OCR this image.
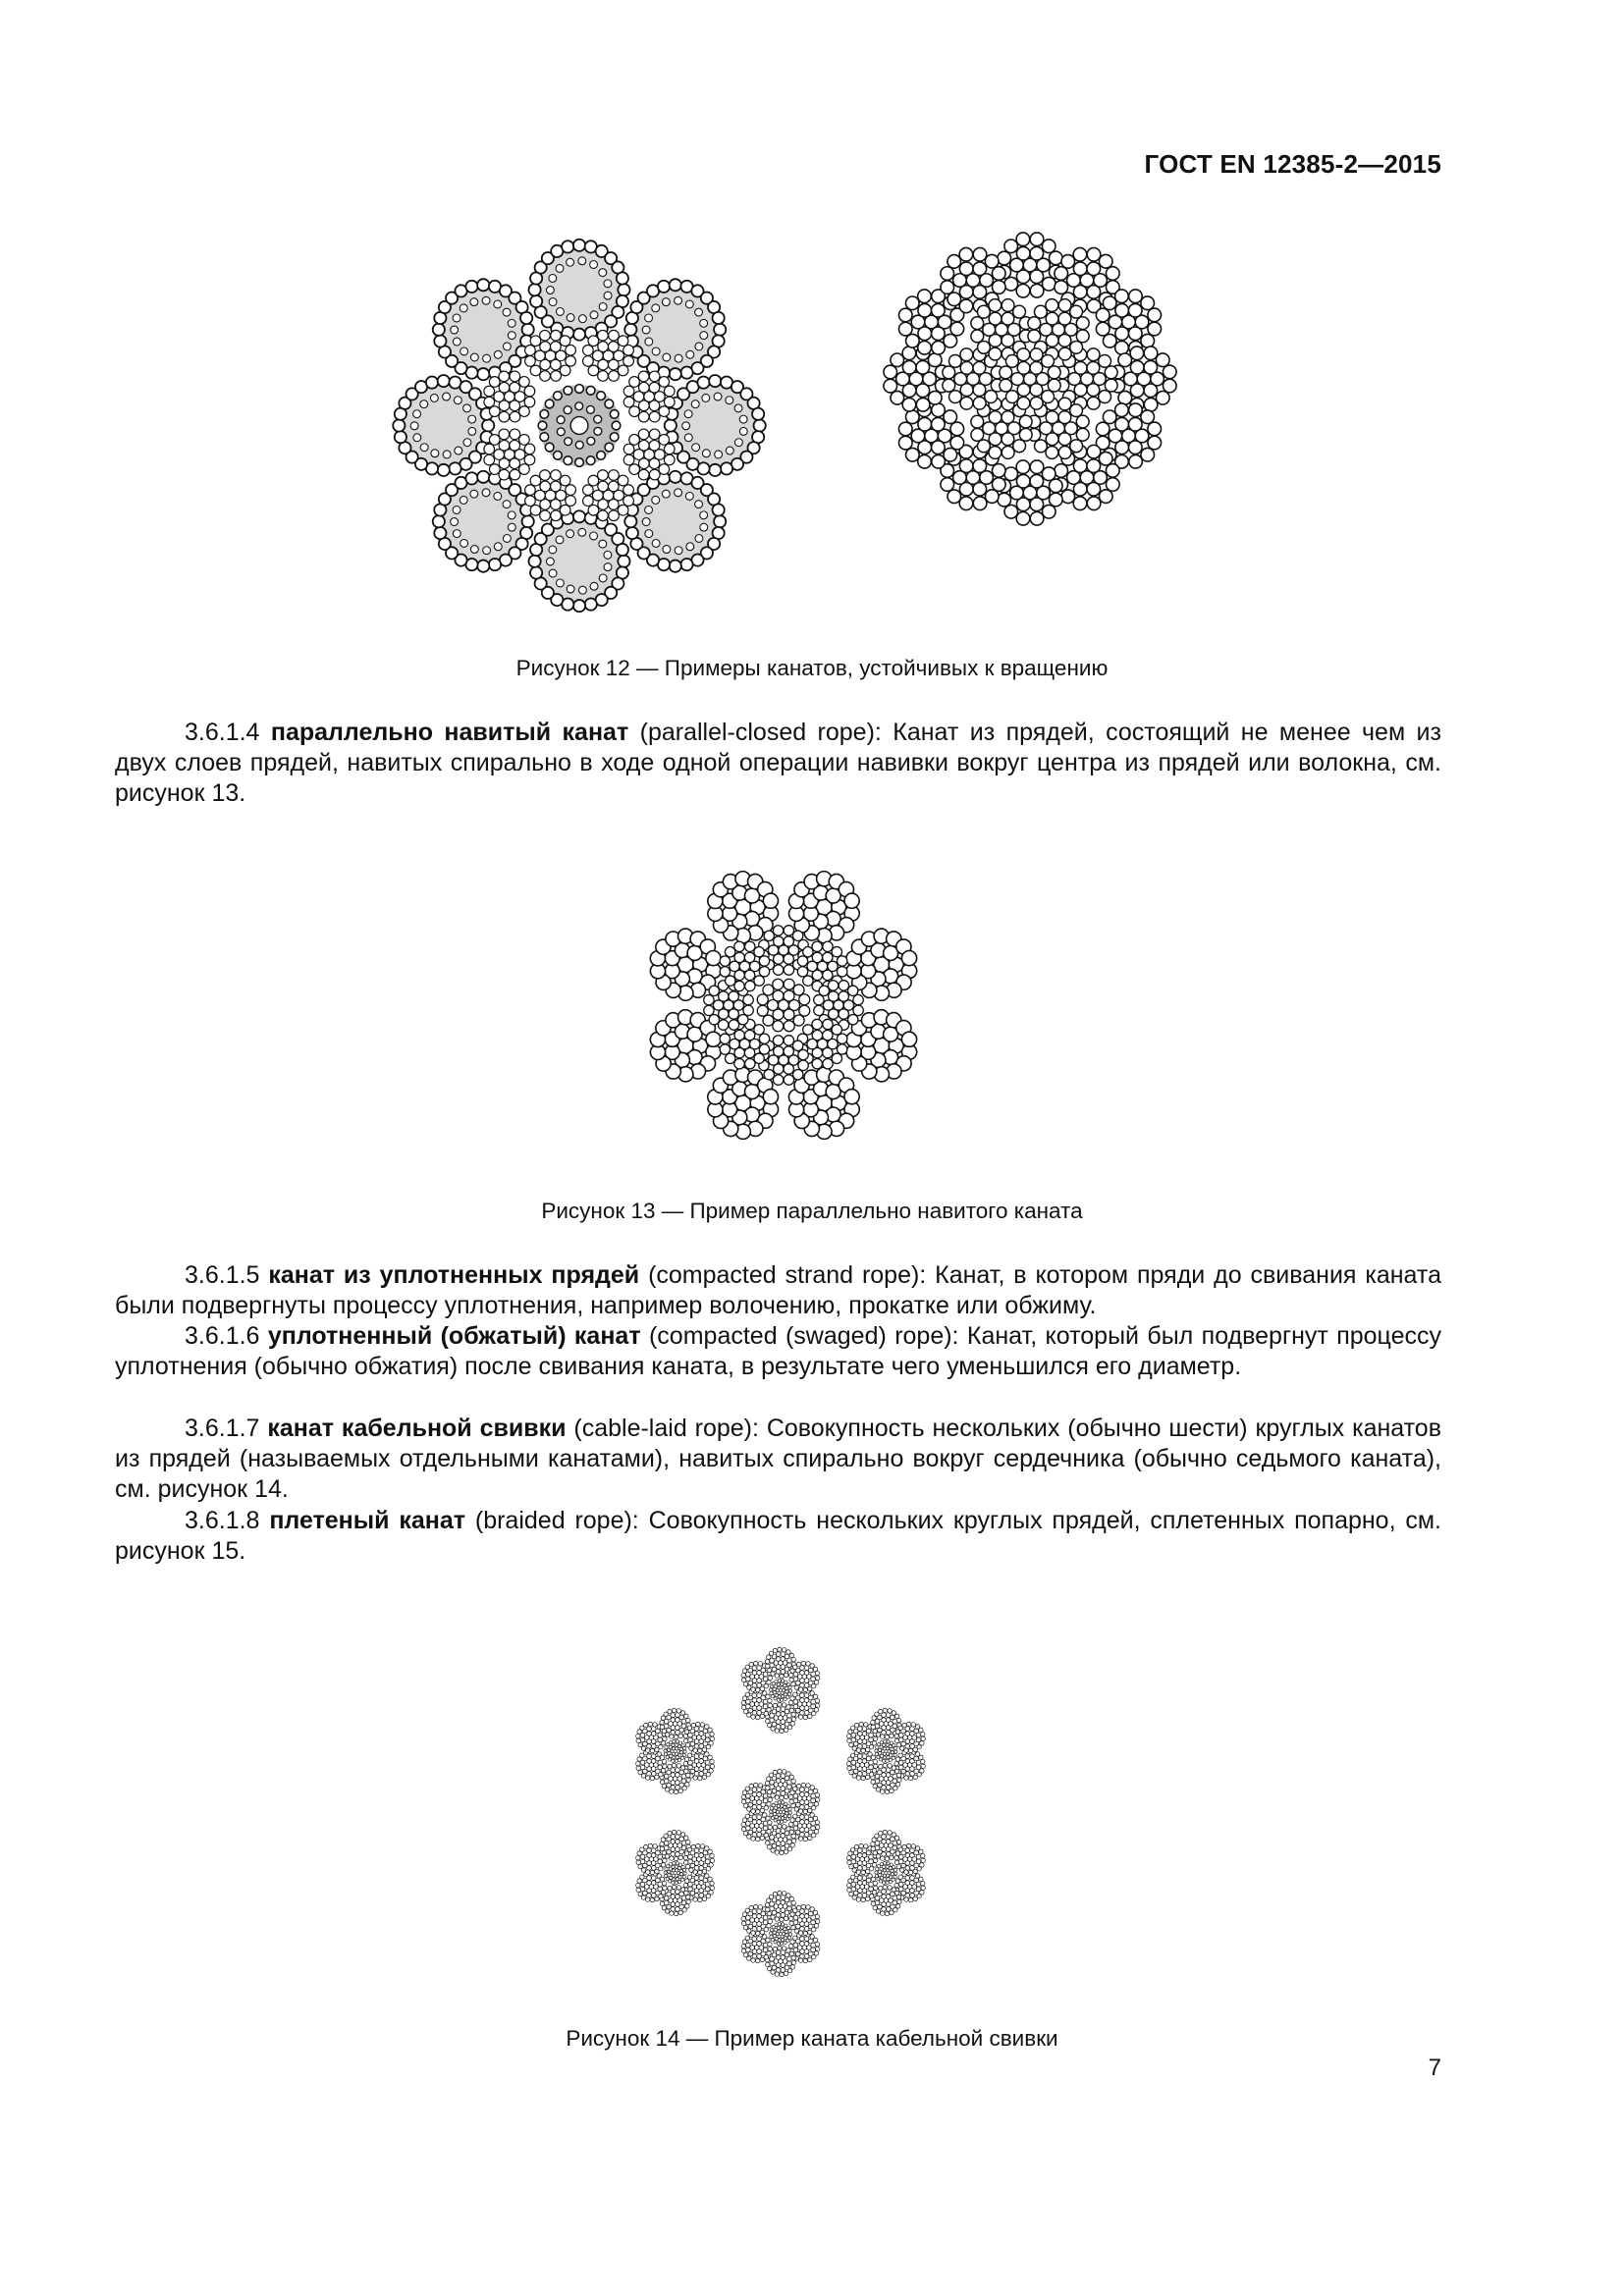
ГОСТ EN 12385-2—2015
Рисунок 12 — Примеры канатов, устойчивых к вращению
3.6.1.4 параллельно навитый канат (parallel-closed rope): Канат из прядей, состоящий не менее чем из двух слоев прядей, навитых спирально в ходе одной операции навивки вокруг центра из прядей или волокна, см. рисунок 13.
Рисунок 13 — Пример параллельно навитого каната
3.6.1.5 канат из уплотненных прядей (compacted strand rope): Канат, в котором пряди до свивания каната были подвергнуты процессу уплотнения, например волочению, прокатке или обжиму.
3.6.1.6 уплотненный (обжатый) канат (compacted (swaged) rope): Канат, который был подвергнут процессу уплотнения (обычно обжатия) после свивания каната, в результате чего уменьшился его диаметр.
3.6.1.7 канат кабельной свивки (cable-laid rope): Совокупность нескольких (обычно шести) круглых канатов из прядей (называемых отдельными канатами), навитых спирально вокруг сердечника (обычно седьмого каната), см. рисунок 14.
3.6.1.8 плетеный канат (braided rope): Совокупность нескольких круглых прядей, сплетенных попарно, см. рисунок 15.
Рисунок 14 — Пример каната кабельной свивки
7
